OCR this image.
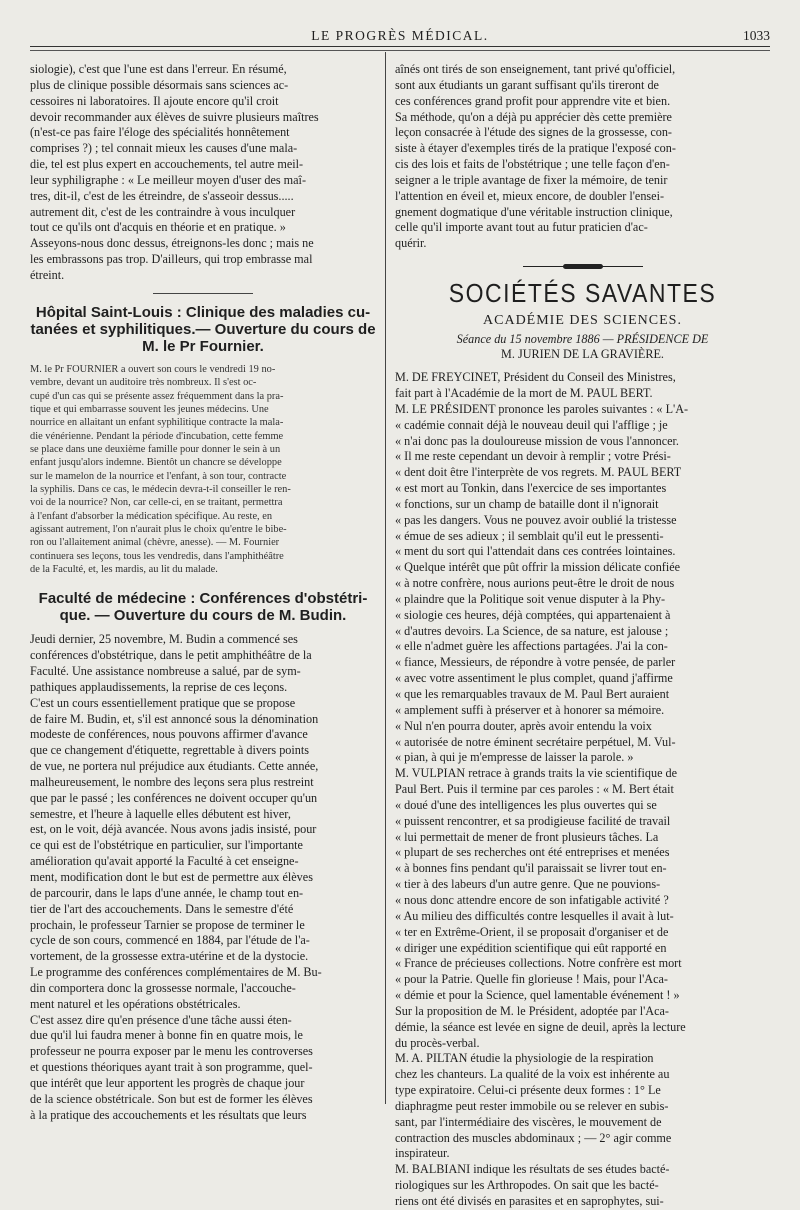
LE PROGRÈS MÉDICAL.	1033
siologie), c'est que l'une est dans l'erreur. En résumé,
plus de clinique possible désormais sans sciences ac-
cessoires ni laboratoires. Il ajoute encore qu'il croit
devoir recommander aux élèves de suivre plusieurs maîtres
(n'est-ce pas faire l'éloge des spécialités honnêtement
comprises ?) ; tel connait mieux les causes d'une mala-
die, tel est plus expert en accouchements, tel autre meil-
leur syphiligraphe : « Le meilleur moyen d'user des maî-
tres, dit-il, c'est de les étreindre, de s'asseoir dessus.....
autrement dit, c'est de les contraindre à vous inculquer
tout ce qu'ils ont d'acquis en théorie et en pratique. »
Asseyons-nous donc dessus, étreignons-les donc ; mais ne
les embrassons pas trop. D'ailleurs, qui trop embrasse mal
étreint.
Hôpital Saint-Louis : Clinique des maladies cu- tanées et syphilitiques.— Ouverture du cours de M. le Pr Fournier.
M. le Pr FOURNIER a ouvert son cours le vendredi 19 no-
vembre, devant un auditoire très nombreux. Il s'est oc-
cupé d'un cas qui se présente assez fréquemment dans la pra-
tique et qui embarrasse souvent les jeunes médecins. Une
nourrice en allaitant un enfant syphilitique contracte la mala-
die vénérienne. Pendant la période d'incubation, cette femme
se place dans une deuxième famille pour donner le sein à un
enfant jusqu'alors indemne. Bientôt un chancre se développe
sur le mamelon de la nourrice et l'enfant, à son tour, contracte
la syphilis. Dans ce cas, le médecin devra-t-il conseiller le ren-
voi de la nourrice? Non, car celle-ci, en se traitant, permettra
à l'enfant d'absorber la médication spécifique. Au reste, en
agissant autrement, l'on n'aurait plus le choix qu'entre le bibe-
ron ou l'allaitement animal (chèvre, anesse). — M. Fournier
continuera ses leçons, tous les vendredis, dans l'amphithéâtre
de la Faculté, et, les mardis, au lit du malade.
Faculté de médecine : Conférences d'obstétri- que. — Ouverture du cours de M. Budin.
Jeudi dernier, 25 novembre, M. Budin a commencé ses
conférences d'obstétrique, dans le petit amphithéâtre de la
Faculté. Une assistance nombreuse a salué, par de sym-
pathiques applaudissements, la reprise de ces leçons.
C'est un cours essentiellement pratique que se propose
de faire M. Budin, et, s'il est annoncé sous la dénomination
modeste de conférences, nous pouvons affirmer d'avance
que ce changement d'étiquette, regrettable à divers points
de vue, ne portera nul préjudice aux étudiants. Cette année,
malheureusement, le nombre des leçons sera plus restreint
que par le passé ; les conférences ne doivent occuper qu'un
semestre, et l'heure à laquelle elles débutent est hiver,
est, on le voit, déjà avancée. Nous avons jadis insisté, pour
ce qui est de l'obstétrique en particulier, sur l'importante
amélioration qu'avait apporté la Faculté à cet enseigne-
ment, modification dont le but est de permettre aux élèves
de parcourir, dans le laps d'une année, le champ tout en-
tier de l'art des accouchements. Dans le semestre d'été
prochain, le professeur Tarnier se propose de terminer le
cycle de son cours, commencé en 1884, par l'étude de l'a-
vortement, de la grossesse extra-utérine et de la dystocie.
Le programme des conférences complémentaires de M. Bu-
din comportera donc la grossesse normale, l'accouche-
ment naturel et les opérations obstétricales.
C'est assez dire qu'en présence d'une tâche aussi éten-
due qu'il lui faudra mener à bonne fin en quatre mois, le
professeur ne pourra exposer par le menu les controverses
et questions théoriques ayant trait à son programme, quel-
que intérêt que leur apportent les progrès de chaque jour
de la science obstétricale. Son but est de former les élèves
à la pratique des accouchements et les résultats que leurs
aînés ont tirés de son enseignement, tant privé qu'officiel,
sont aux étudiants un garant suffisant qu'ils tireront de
ces conférences grand profit pour apprendre vite et bien.
Sa méthode, qu'on a déjà pu apprécier dès cette première
leçon consacrée à l'étude des signes de la grossesse, con-
siste à étayer d'exemples tirés de la pratique l'exposé con-
cis des lois et faits de l'obstétrique ; une telle façon d'en-
seigner a le triple avantage de fixer la mémoire, de tenir
l'attention en éveil et, mieux encore, de doubler l'ensei-
gnement dogmatique d'une véritable instruction clinique,
celle qu'il importe avant tout au futur praticien d'ac-
quérir.
SOCIÉTÉS SAVANTES
ACADÉMIE DES SCIENCES.
Séance du 15 novembre 1886 — PRÉSIDENCE DE
M. JURIEN DE LA GRAVIÈRE.
M. DE FREYCINET, Président du Conseil des Ministres,
fait part à l'Académie de la mort de M. PAUL BERT.
M. LE PRÉSIDENT prononce les paroles suivantes : « L'A-
« cadémie connait déjà le nouveau deuil qui l'afflige ; je
« n'ai donc pas la douloureuse mission de vous l'annoncer.
« Il me reste cependant un devoir à remplir ; votre Prési-
« dent doit être l'interprète de vos regrets. M. PAUL BERT
« est mort au Tonkin, dans l'exercice de ses importantes
« fonctions, sur un champ de bataille dont il n'ignorait
« pas les dangers. Vous ne pouvez avoir oublié la tristesse
« émue de ses adieux ; il semblait qu'il eut le pressenti-
« ment du sort qui l'attendait dans ces contrées lointaines.
« Quelque intérêt que pût offrir la mission délicate confiée
« à notre confrère, nous aurions peut-être le droit de nous
« plaindre que la Politique soit venue disputer à la Phy-
« siologie ces heures, déjà comptées, qui appartenaient à
« d'autres devoirs. La Science, de sa nature, est jalouse ;
« elle n'admet guère les affections partagées. J'ai la con-
« fiance, Messieurs, de répondre à votre pensée, de parler
« avec votre assentiment le plus complet, quand j'affirme
« que les remarquables travaux de M. Paul Bert auraient
« amplement suffi à préserver et à honorer sa mémoire.
« Nul n'en pourra douter, après avoir entendu la voix
« autorisée de notre éminent secrétaire perpétuel, M. Vul-
« pian, à qui je m'empresse de laisser la parole. »
M. VULPIAN retrace à grands traits la vie scientifique de
Paul Bert. Puis il termine par ces paroles : « M. Bert était
« doué d'une des intelligences les plus ouvertes qui se
« puissent rencontrer, et sa prodigieuse facilité de travail
« lui permettait de mener de front plusieurs tâches. La
« plupart de ses recherches ont été entreprises et menées
« à bonnes fins pendant qu'il paraissait se livrer tout en-
« tier à des labeurs d'un autre genre. Que ne pouvions-
« nous donc attendre encore de son infatigable activité ?
« Au milieu des difficultés contre lesquelles il avait à lut-
« ter en Extrême-Orient, il se proposait d'organiser et de
« diriger une expédition scientifique qui eût rapporté en
« France de précieuses collections. Notre confrère est mort
« pour la Patrie. Quelle fin glorieuse ! Mais, pour l'Aca-
« démie et pour la Science, quel lamentable événement ! »
Sur la proposition de M. le Président, adoptée par l'Aca-
démie, la séance est levée en signe de deuil, après la lecture
du procès-verbal.
M. A. PILTAN étudie la physiologie de la respiration
chez les chanteurs. La qualité de la voix est inhérente au
type expiratoire. Celui-ci présente deux formes : 1° Le
diaphragme peut rester immobile ou se relever en subis-
sant, par l'intermédiaire des viscères, le mouvement de
contraction des muscles abdominaux ; — 2° agir comme
inspirateur.
M. BALBIANI indique les résultats de ses études bacté-
riologiques sur les Arthropodes. On sait que les bacté-
riens ont été divisés en parasites et en saprophytes, sui-
